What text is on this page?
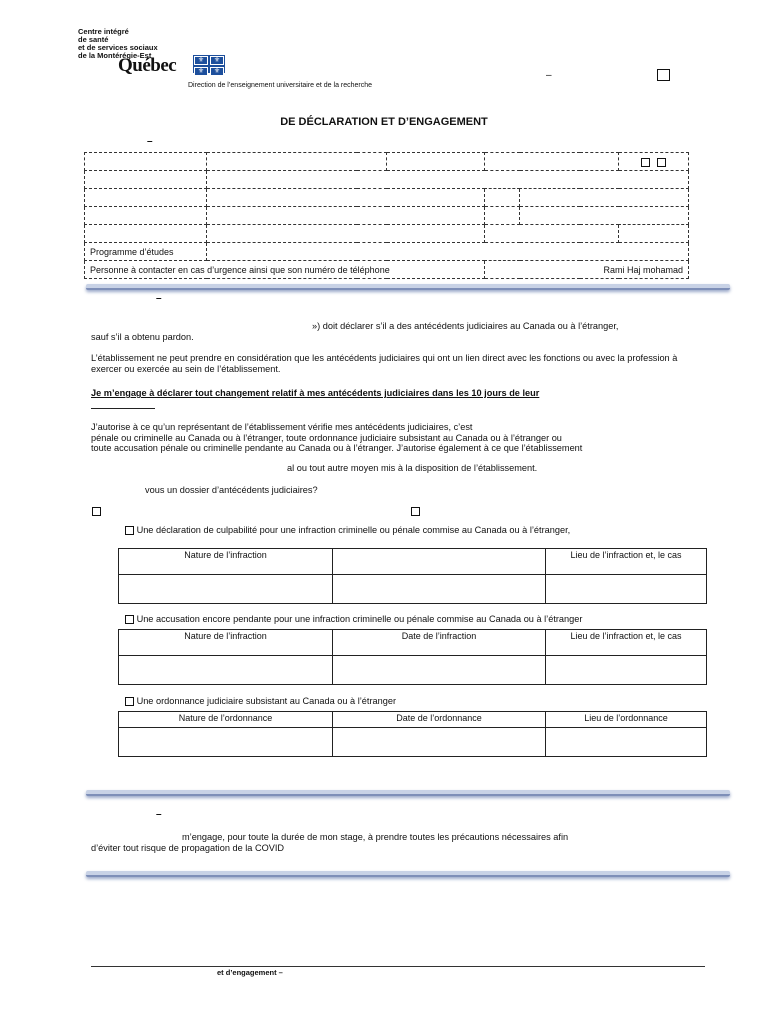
Centre intégré
de santé
et de services sociaux
de la Montérégie-Est
Québec	⚜	⚜
⚜	⚜
Direction de l’enseignement universitaire et de la recherche
–
DE DÉCLARATION ET D’ENGAGEMENT
–

Programme d’études					
Personne à contacter en cas d’urgence ainsi que son numéro de téléphone			Rami Haj mohamad		
–
») doit déclarer s’il a des antécédents judiciaires au Canada ou à l’étranger,
sauf s’il a obtenu pardon.
L’établissement ne peut prendre en considération que les antécédents judiciaires qui ont un lien direct avec les fonctions ou avec la profession à exercer ou exercée au sein de l’établissement.
Je m’engage à déclarer tout changement relatif à mes antécédents judiciaires dans les 10 jours de leur
J’autorise à ce qu’un représentant de l’établissement vérifie mes antécédents judiciaires, c’est
pénale ou criminelle au Canada ou à l’étranger, toute ordonnance judiciaire subsistant au Canada ou à l’étranger ou
toute accusation pénale ou criminelle pendante au Canada ou à l’étranger. J’autorise également à ce que l’établissement
al ou tout autre moyen mis à la disposition de l’établissement.
vous un dossier d’antécédents judiciaires?
Une déclaration de culpabilité pour une infraction criminelle ou pénale commise au Canada ou à l’étranger,
Nature de l’infraction		Lieu de l’infraction et, le cas

Une accusation encore pendante pour une infraction criminelle ou pénale commise au Canada ou à l’étranger
Nature de l’infraction	Date de l’infraction	Lieu de l’infraction et, le cas

Une ordonnance judiciaire subsistant au Canada ou à l’étranger
Nature de l’ordonnance	Date de l’ordonnance	Lieu de l’ordonnance

–
m’engage, pour toute la durée de mon stage, à prendre toutes les précautions nécessaires afin
d’éviter tout risque de propagation de la COVID
et d’engagement –
